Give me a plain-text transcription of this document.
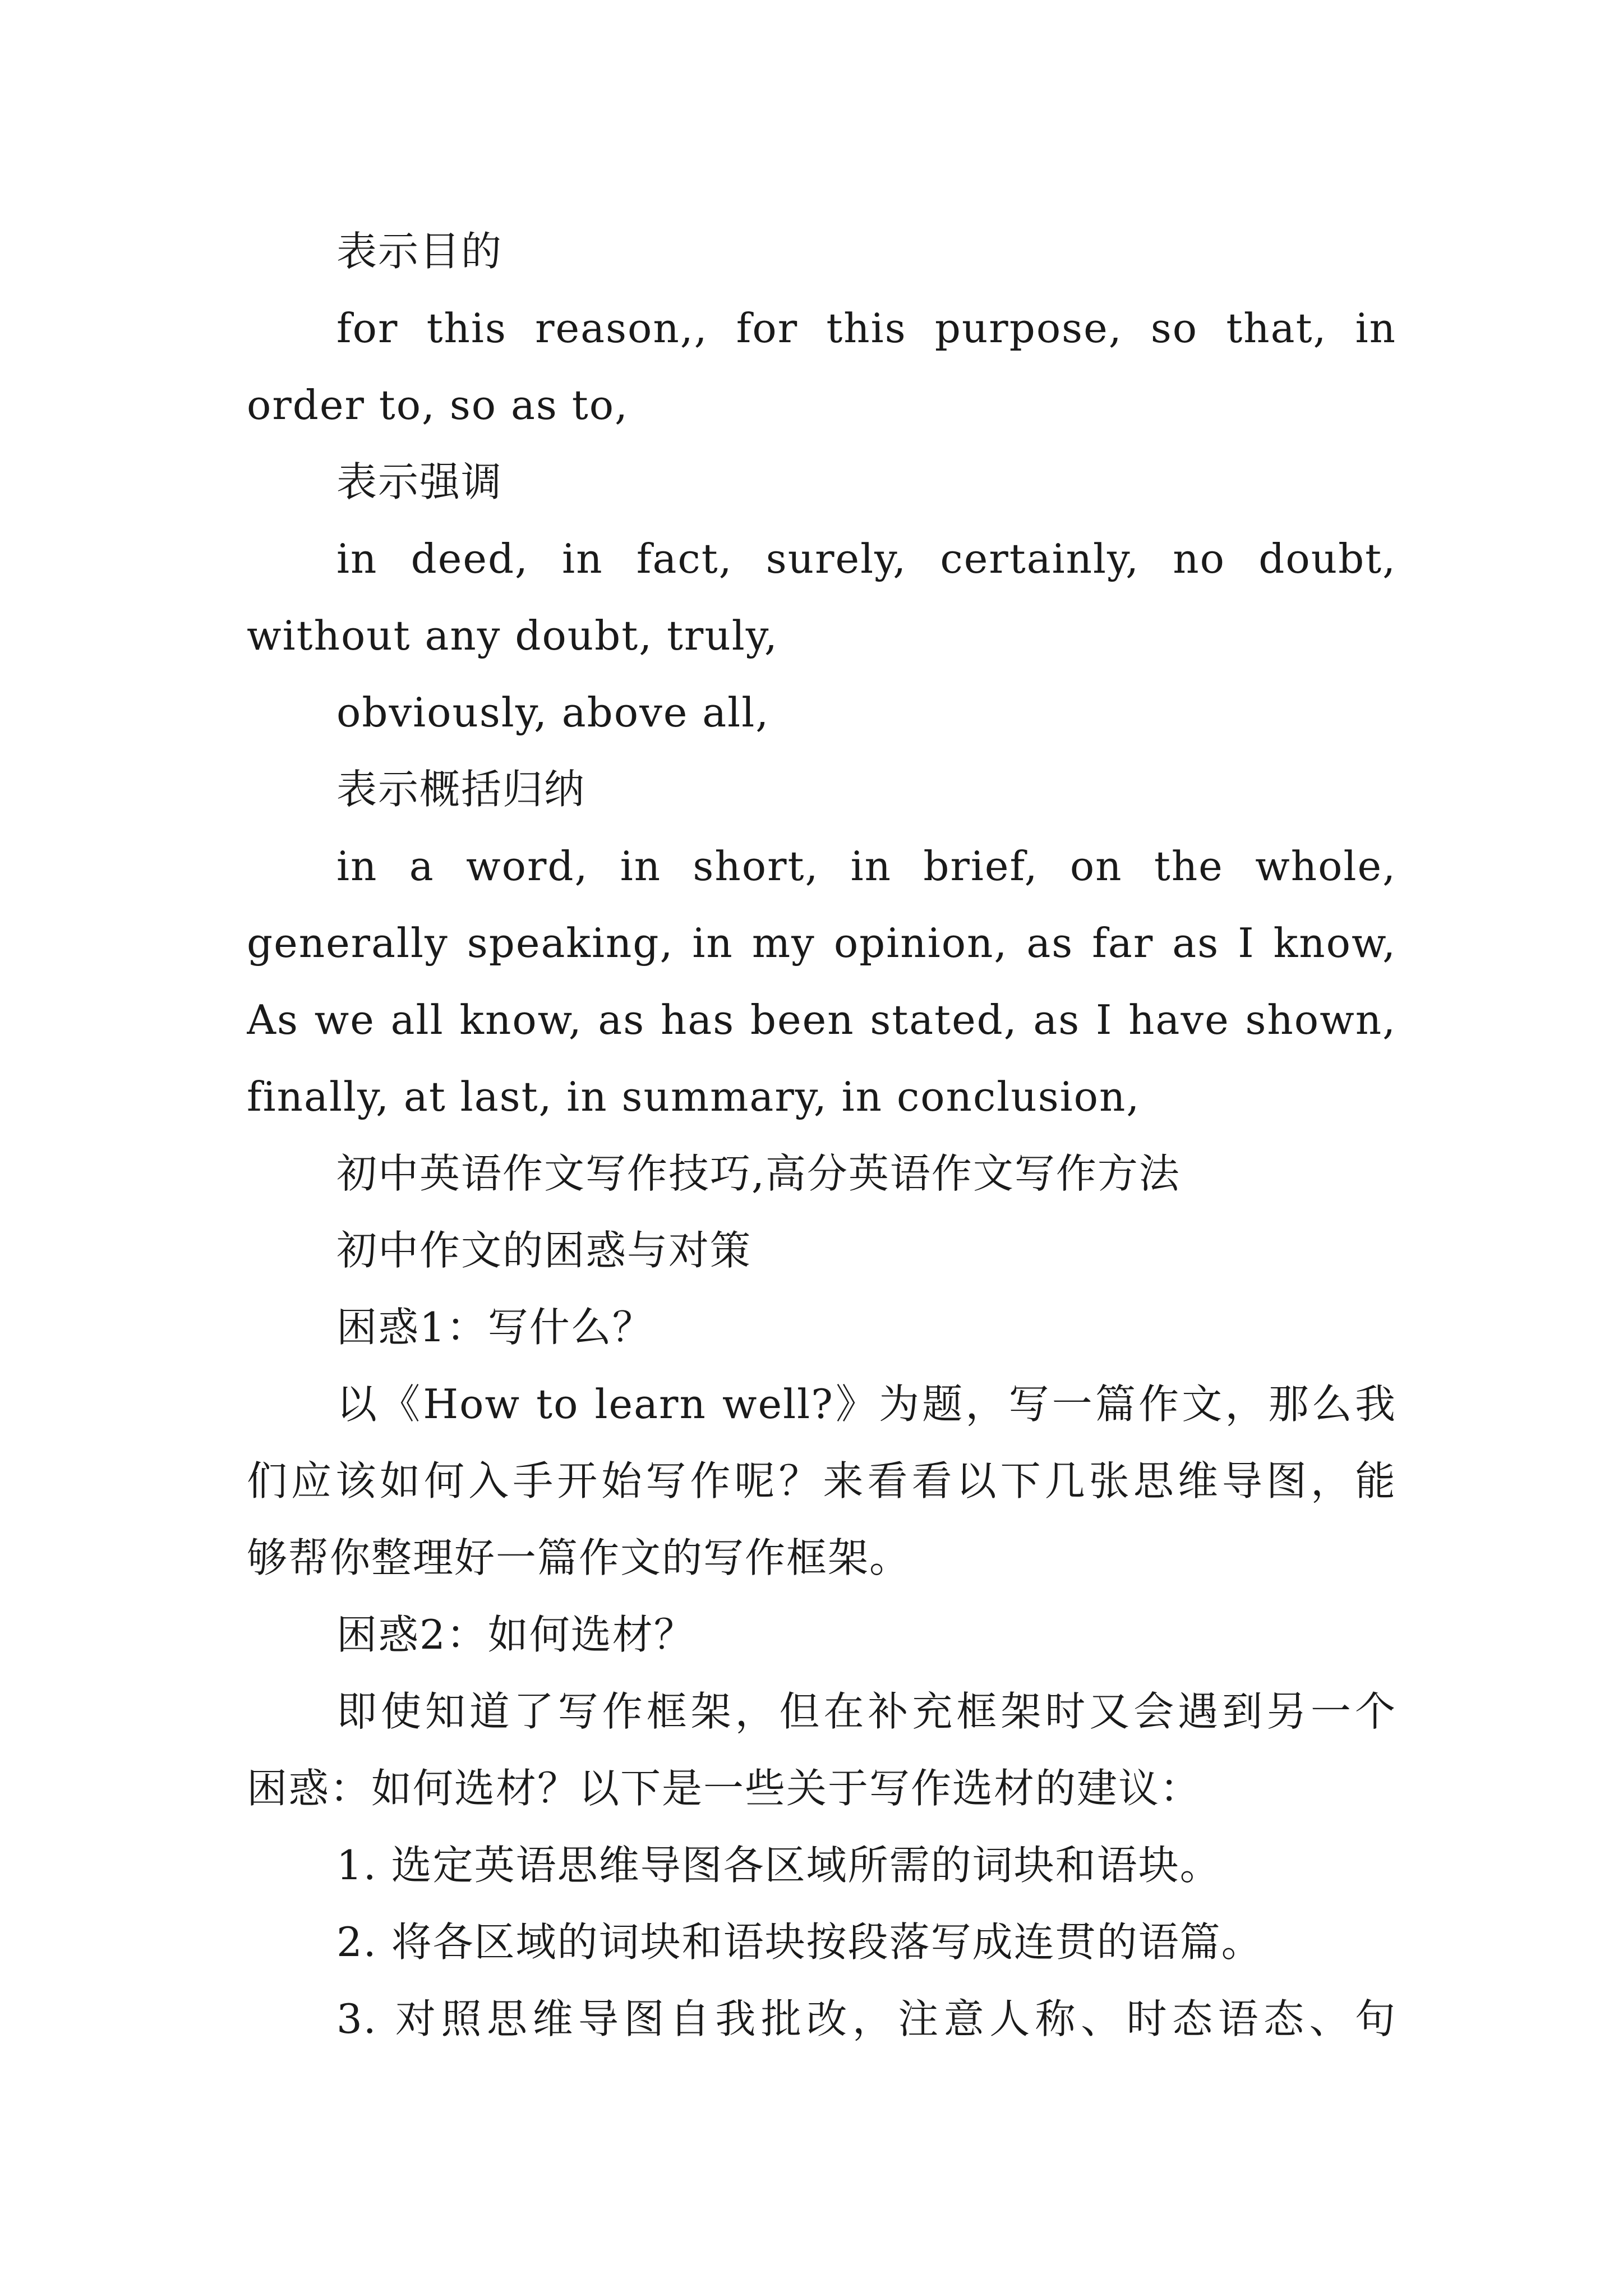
表示目的
for this reason,, for this purpose, so that, in
order to, so as to,
表示强调
in deed, in fact, surely, certainly, no doubt,
without any doubt, truly,
obviously, above all,
表示概括归纳
in a word, in short, in brief, on the whole,
generally speaking, in my opinion, as far as I know,
As we all know, as has been stated, as I have shown,
finally, at last, in summary, in conclusion,
初中英语作文写作技巧,高分英语作文写作方法
初中作文的困惑与对策
困惑1：写什么？
以《How to learn well?》为题，写一篇作文，那么我
们应该如何入手开始写作呢？来看看以下几张思维导图，能
够帮你整理好一篇作文的写作框架。
困惑2：如何选材？
即使知道了写作框架，但在补充框架时又会遇到另一个
困惑：如何选材？以下是一些关于写作选材的建议：
1. 选定英语思维导图各区域所需的词块和语块。
2. 将各区域的词块和语块按段落写成连贯的语篇。
3. 对照思维导图自我批改，注意人称、时态语态、句
